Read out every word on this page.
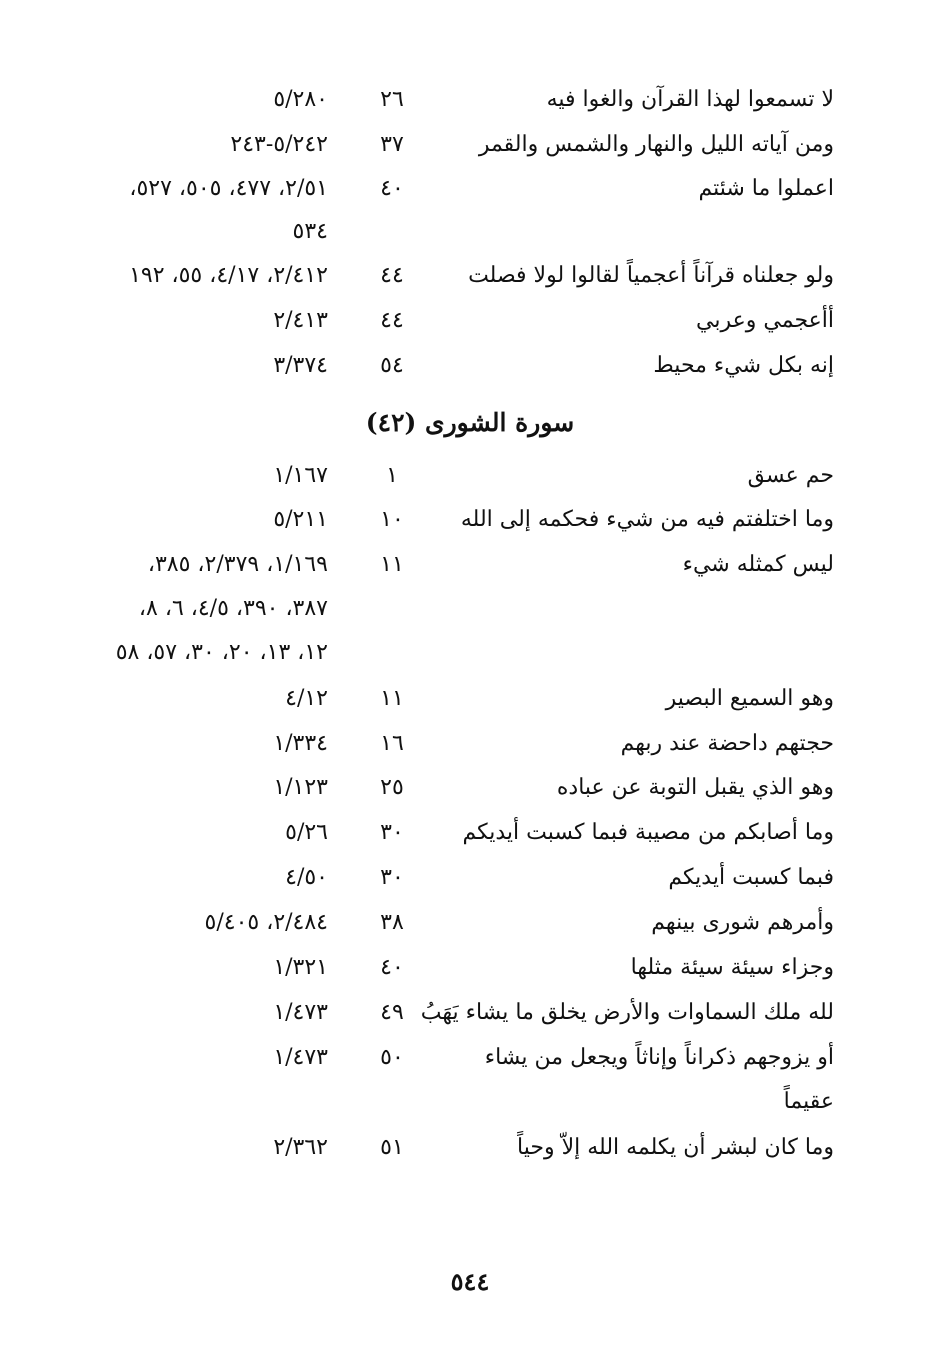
لا تسمعوا لهذا القرآن والغوا فيه
٢٦
٥/٢٨٠
ومن آياته الليل والنهار والشمس والقمر
٣٧
٥/٢٤٢-٢٤٣
اعملوا ما شئتم
٤٠
٢/٥١، ٤٧٧، ٥٠٥، ٥٢٧،
٥٣٤
ولو جعلناه قرآناً أعجمياً لقالوا لولا فصلت
٤٤
٢/٤١٢، ٤/١٧، ٥٥، ١٩٢
أأعجمي وعربي
٤٤
٢/٤١٣
إنه بكل شيء محيط
٥٤
٣/٣٧٤
سورة الشورى (٤٢)
حم عسق
١
١/١٦٧
وما اختلفتم فيه من شيء فحكمه إلى الله
١٠
٥/٢١١
ليس كمثله شيء
١١
١/١٦٩، ٢/٣٧٩، ٣٨٥،
٣٨٧، ٣٩٠، ٤/٥، ٦، ٨،
١٢، ١٣، ٢٠، ٣٠، ٥٧، ٥٨
وهو السميع البصير
١١
٤/١٢
حجتهم داحضة عند ربهم
١٦
١/٣٣٤
وهو الذي يقبل التوبة عن عباده
٢٥
١/١٢٣
وما أصابكم من مصيبة فبما كسبت أيديكم
٣٠
٥/٢٦
فبما كسبت أيديكم
٣٠
٤/٥٠
وأمرهم شورى بينهم
٣٨
٢/٤٨٤، ٥/٤٠٥
وجزاء سيئة سيئة مثلها
٤٠
١/٣٢١
لله ملك السماوات والأرض يخلق ما يشاء يَهَبُ
٤٩
١/٤٧٣
أو يزوجهم ذكراناً وإناثاً ويجعل من يشاء
٥٠
١/٤٧٣
عقيماً
وما كان لبشر أن يكلمه الله إلاّ وحياً
٥١
٢/٣٦٢
٥٤٤
